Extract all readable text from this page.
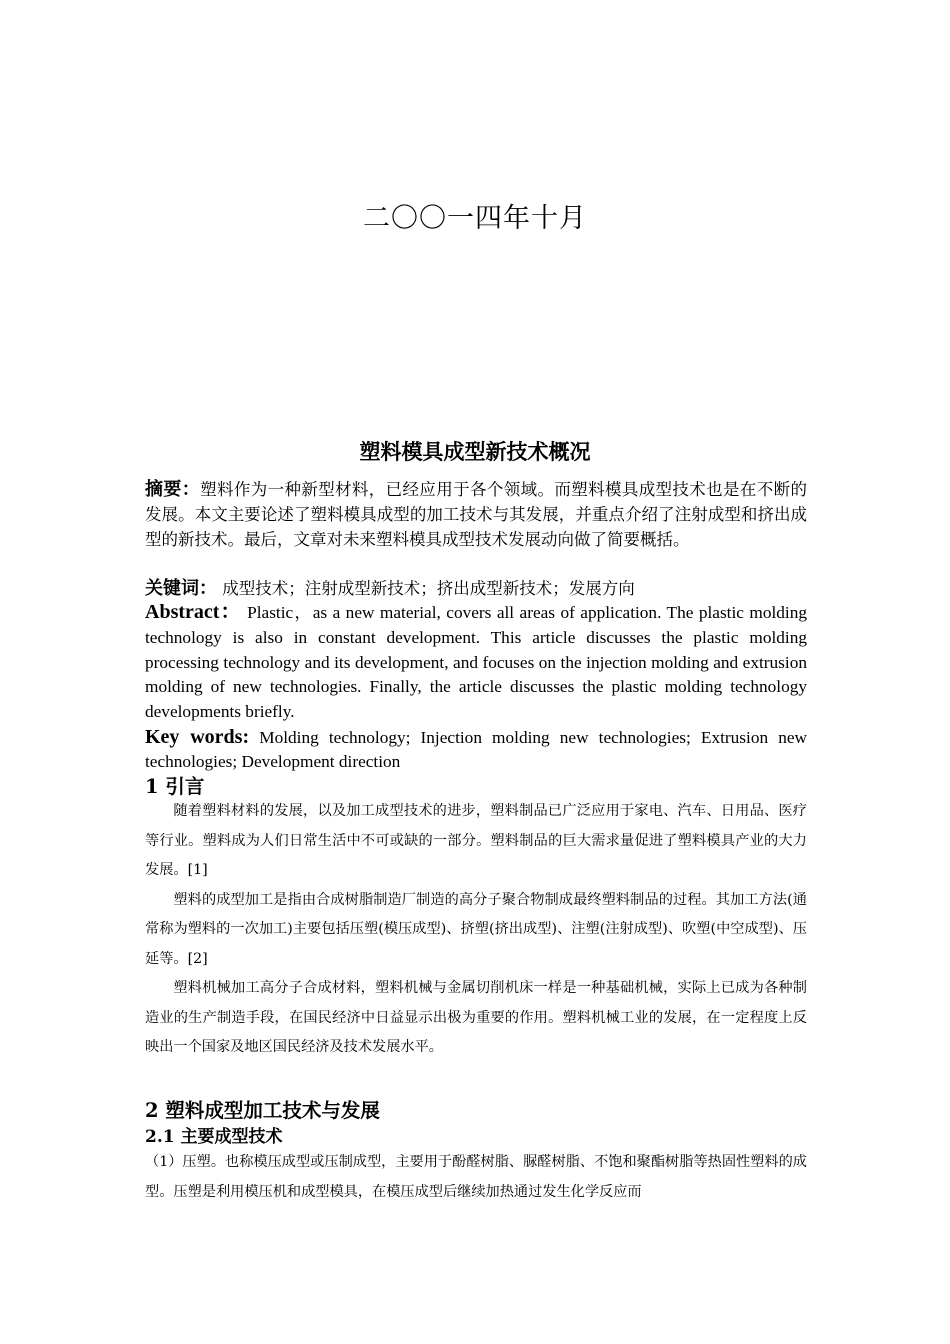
二〇〇一四年十月
塑料模具成型新技术概况
摘要：塑料作为一种新型材料，已经应用于各个领域。而塑料模具成型技术也是在不断的发展。本文主要论述了塑料模具成型的加工技术与其发展，并重点介绍了注射成型和挤出成型的新技术。最后，文章对未来塑料模具成型技术发展动向做了简要概括。
关键词： 成型技术；注射成型新技术；挤出成型新技术；发展方向
Abstract： Plastic，as a new material, covers all areas of application. The plastic molding technology is also in constant development. This article discusses the plastic molding processing technology and its development, and focuses on the injection molding and extrusion molding of new technologies. Finally, the article discusses the plastic molding technology developments briefly.
Key words: Molding technology; Injection molding new technologies; Extrusion new technologies; Development direction
1 引言

随着塑料材料的发展，以及加工成型技术的进步，塑料制品已广泛应用于家电、汽车、日用品、医疗等行业。塑料成为人们日常生活中不可或缺的一部分。塑料制品的巨大需求量促进了塑料模具产业的大力发展。[1]

塑料的成型加工是指由合成树脂制造厂制造的高分子聚合物制成最终塑料制品的过程。其加工方法(通常称为塑料的一次加工)主要包括压塑(模压成型)、挤塑(挤出成型)、注塑(注射成型)、吹塑(中空成型)、压延等。[2]

塑料机械加工高分子合成材料，塑料机械与金属切削机床一样是一种基础机械，实际上已成为各种制造业的生产制造手段，在国民经济中日益显示出极为重要的作用。塑料机械工业的发展，在一定程度上反映出一个国家及地区国民经济及技术发展水平。

2 塑料成型加工技术与发展
2.1 主要成型技术

（1）压塑。也称模压成型或压制成型，主要用于酚醛树脂、脲醛树脂、不饱和聚酯树脂等热固性塑料的成型。压塑是利用模压机和成型模具，在模压成型后继续加热通过发生化学反应而
